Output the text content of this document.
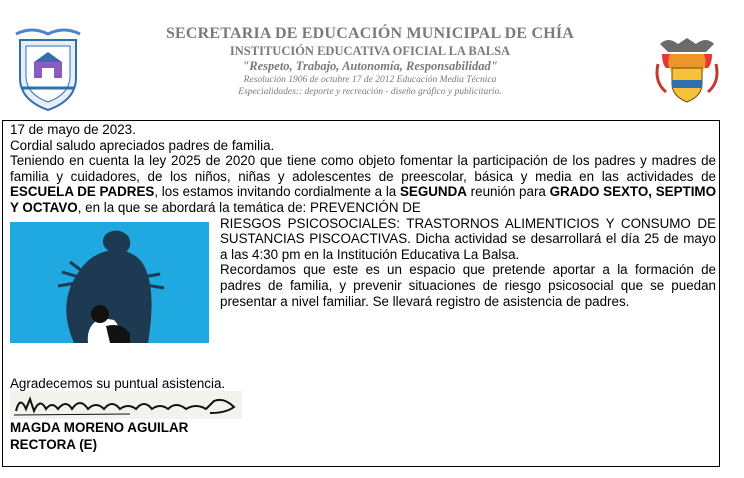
SECRETARIA DE EDUCACIÓN MUNICIPAL DE CHÍA
INSTITUCIÓN EDUCATIVA OFICIAL LA BALSA
"Respeto, Trabajo, Autonomía, Responsabilidad"
Resolución 1906 de octubre 17 de 2012 Educación Media Técnica
Especialidades:: deporte y recreación - diseño gráfico y publicitario.

17 de mayo de 2023.

Cordial saludo apreciados padres de familia.

Teniendo en cuenta la ley 2025 de 2020 que tiene como objeto fomentar la participación de los padres y madres de familia y cuidadores, de los niños, niñas y adolescentes de preescolar, básica y media en las actividades de ESCUELA DE PADRES, los estamos invitando cordialmente a la SEGUNDA reunión para GRADO SEXTO, SEPTIMO Y OCTAVO, en la que se abordará la temática de: PREVENCIÓN DE

RIESGOS PSICOSOCIALES: TRASTORNOS ALIMENTICIOS Y CONSUMO DE SUSTANCIAS PISCOACTIVAS. Dicha actividad se desarrollará el día 25 de mayo a las 4:30 pm en la Institución Educativa La Balsa.
Recordamos que este es un espacio que pretende aportar a la formación de padres de familia, y prevenir situaciones de riesgo psicosocial que se puedan presentar a nivel familiar. Se llevará registro de asistencia de padres.

Agradecemos su puntual asistencia.
MAGDA MORENO AGUILAR
RECTORA (E)
